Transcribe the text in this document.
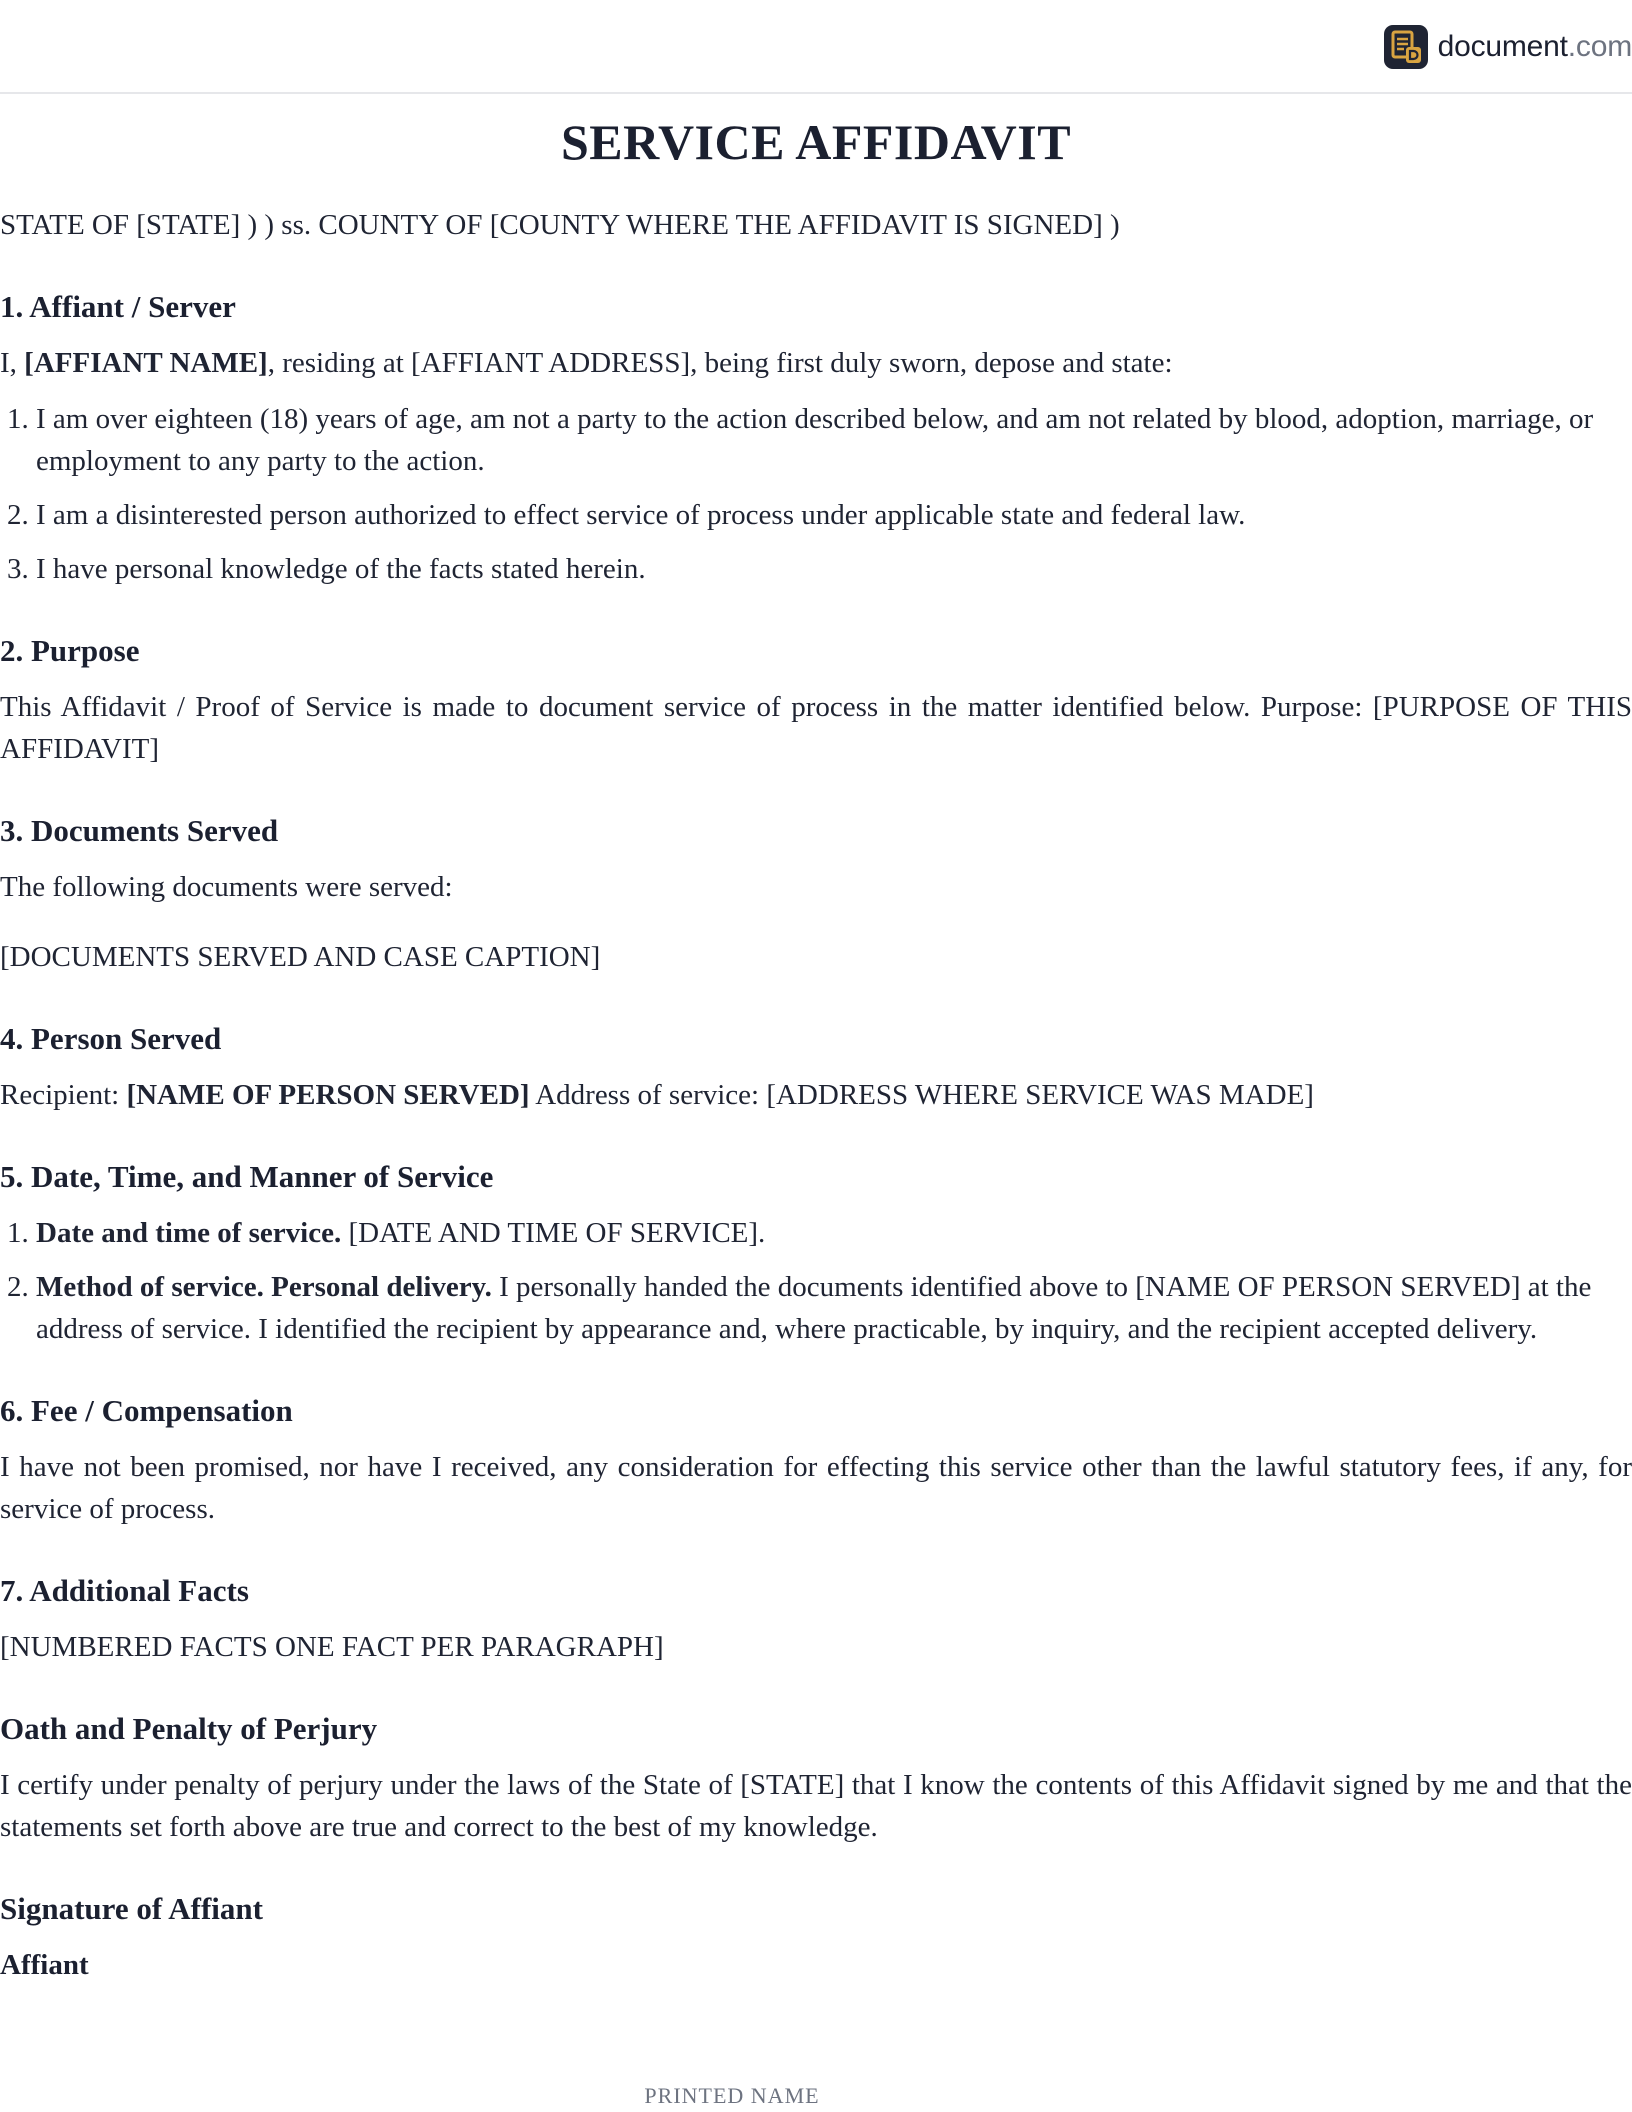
document.com
SERVICE AFFIDAVIT

STATE OF [STATE] ) ) ss. COUNTY OF [COUNTY WHERE THE AFFIDAVIT IS SIGNED] )

1. Affiant / Server

I, [AFFIANT NAME], residing at [AFFIANT ADDRESS], being first duly sworn, depose and state:

1. I am over eighteen (18) years of age, am not a party to the action described below, and am not related by blood, adoption, marriage, or employment to any party to the action.
2. I am a disinterested person authorized to effect service of process under applicable state and federal law.
3. I have personal knowledge of the facts stated herein.
2. Purpose

This Affidavit / Proof of Service is made to document service of process in the matter identified below. Purpose: [PURPOSE OF THIS AFFIDAVIT]

3. Documents Served

The following documents were served:

[DOCUMENTS SERVED AND CASE CAPTION]

4. Person Served

Recipient: [NAME OF PERSON SERVED] Address of service: [ADDRESS WHERE SERVICE WAS MADE]

5. Date, Time, and Manner of Service
1. Date and time of service. [DATE AND TIME OF SERVICE].
2. Method of service. Personal delivery. I personally handed the documents identified above to [NAME OF PERSON SERVED] at the address of service. I identified the recipient by appearance and, where practicable, by inquiry, and the recipient accepted delivery.
6. Fee / Compensation

I have not been promised, nor have I received, any consideration for effecting this service other than the lawful statutory fees, if any, for service of process.

7. Additional Facts

[NUMBERED FACTS ONE FACT PER PARAGRAPH]

Oath and Penalty of Perjury

I certify under penalty of perjury under the laws of the State of [STATE] that I know the contents of this Affidavit signed by me and that the statements set forth above are true and correct to the best of my knowledge.

Signature of Affiant
Affiant
PRINTED NAME
